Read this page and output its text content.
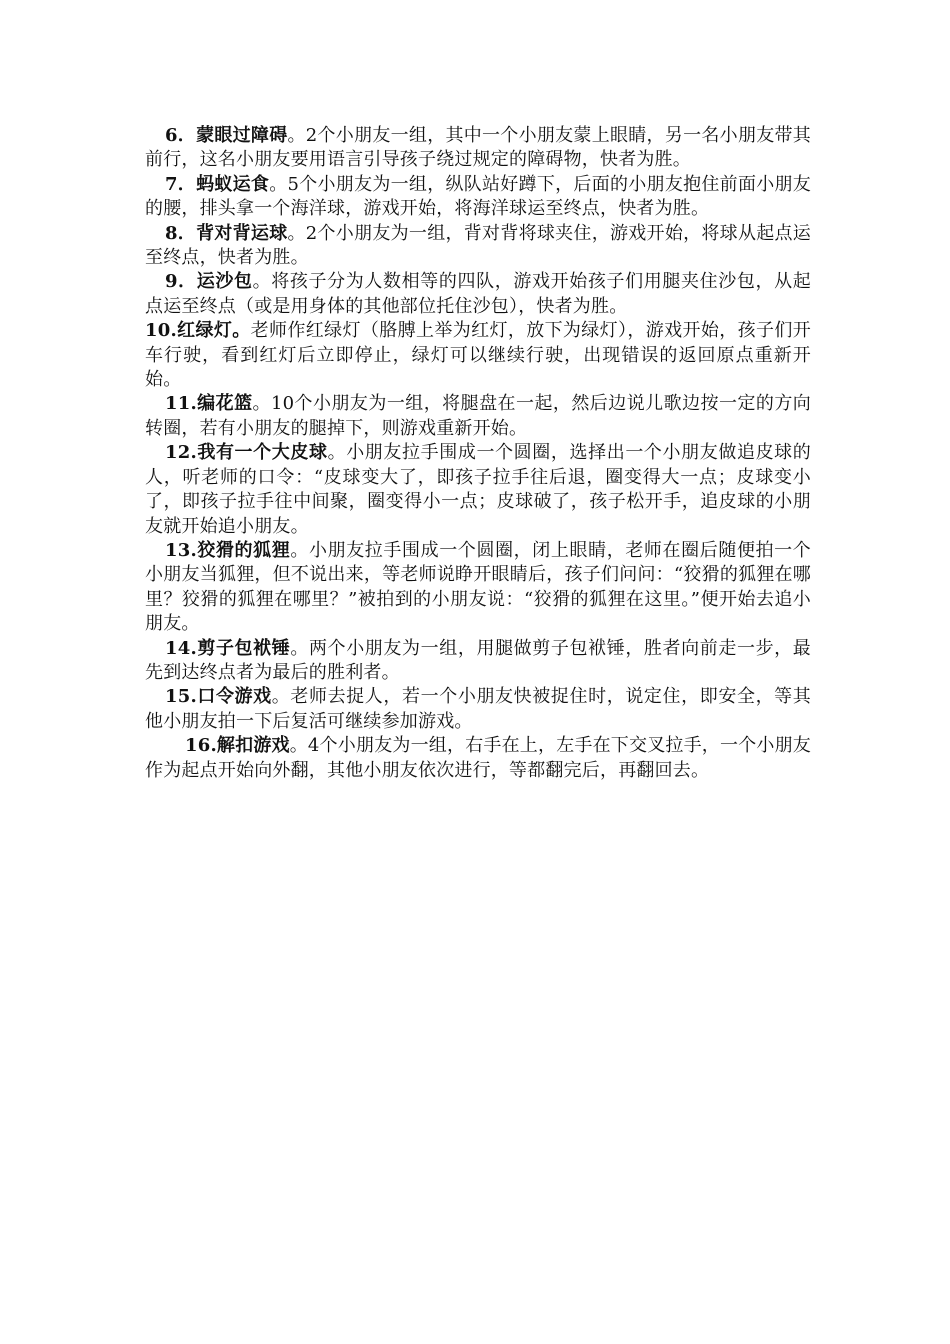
6．蒙眼过障碍。2个小朋友一组，其中一个小朋友蒙上眼睛，另一名小朋友带其前行，这名小朋友要用语言引导孩子绕过规定的障碍物，快者为胜。

7．蚂蚁运食。5个小朋友为一组，纵队站好蹲下，后面的小朋友抱住前面小朋友的腰，排头拿一个海洋球，游戏开始，将海洋球运至终点，快者为胜。

8．背对背运球。2个小朋友为一组，背对背将球夹住，游戏开始，将球从起点运至终点，快者为胜。

9．运沙包。将孩子分为人数相等的四队，游戏开始孩子们用腿夹住沙包，从起点运至终点（或是用身体的其他部位托住沙包），快者为胜。

10.红绿灯。老师作红绿灯（胳膊上举为红灯，放下为绿灯），游戏开始，孩子们开车行驶，看到红灯后立即停止，绿灯可以继续行驶，出现错误的返回原点重新开始。

11.编花篮。10个小朋友为一组，将腿盘在一起，然后边说儿歌边按一定的方向转圈，若有小朋友的腿掉下，则游戏重新开始。

12.我有一个大皮球。小朋友拉手围成一个圆圈，选择出一个小朋友做追皮球的人，听老师的口令：“皮球变大了，即孩子拉手往后退，圈变得大一点；皮球变小了，即孩子拉手往中间聚，圈变得小一点；皮球破了，孩子松开手，追皮球的小朋友就开始追小朋友。

13.狡猾的狐狸。小朋友拉手围成一个圆圈，闭上眼睛，老师在圈后随便拍一个小朋友当狐狸，但不说出来，等老师说睁开眼睛后，孩子们问问：“狡猾的狐狸在哪里？狡猾的狐狸在哪里？”被拍到的小朋友说：“狡猾的狐狸在这里。”便开始去追小朋友。

14.剪子包袱锤。两个小朋友为一组，用腿做剪子包袱锤，胜者向前走一步，最先到达终点者为最后的胜利者。

15.口令游戏。老师去捉人，若一个小朋友快被捉住时，说定住，即安全，等其他小朋友拍一下后复活可继续参加游戏。

16.解扣游戏。4个小朋友为一组，右手在上，左手在下交叉拉手，一个小朋友作为起点开始向外翻，其他小朋友依次进行，等都翻完后，再翻回去。
